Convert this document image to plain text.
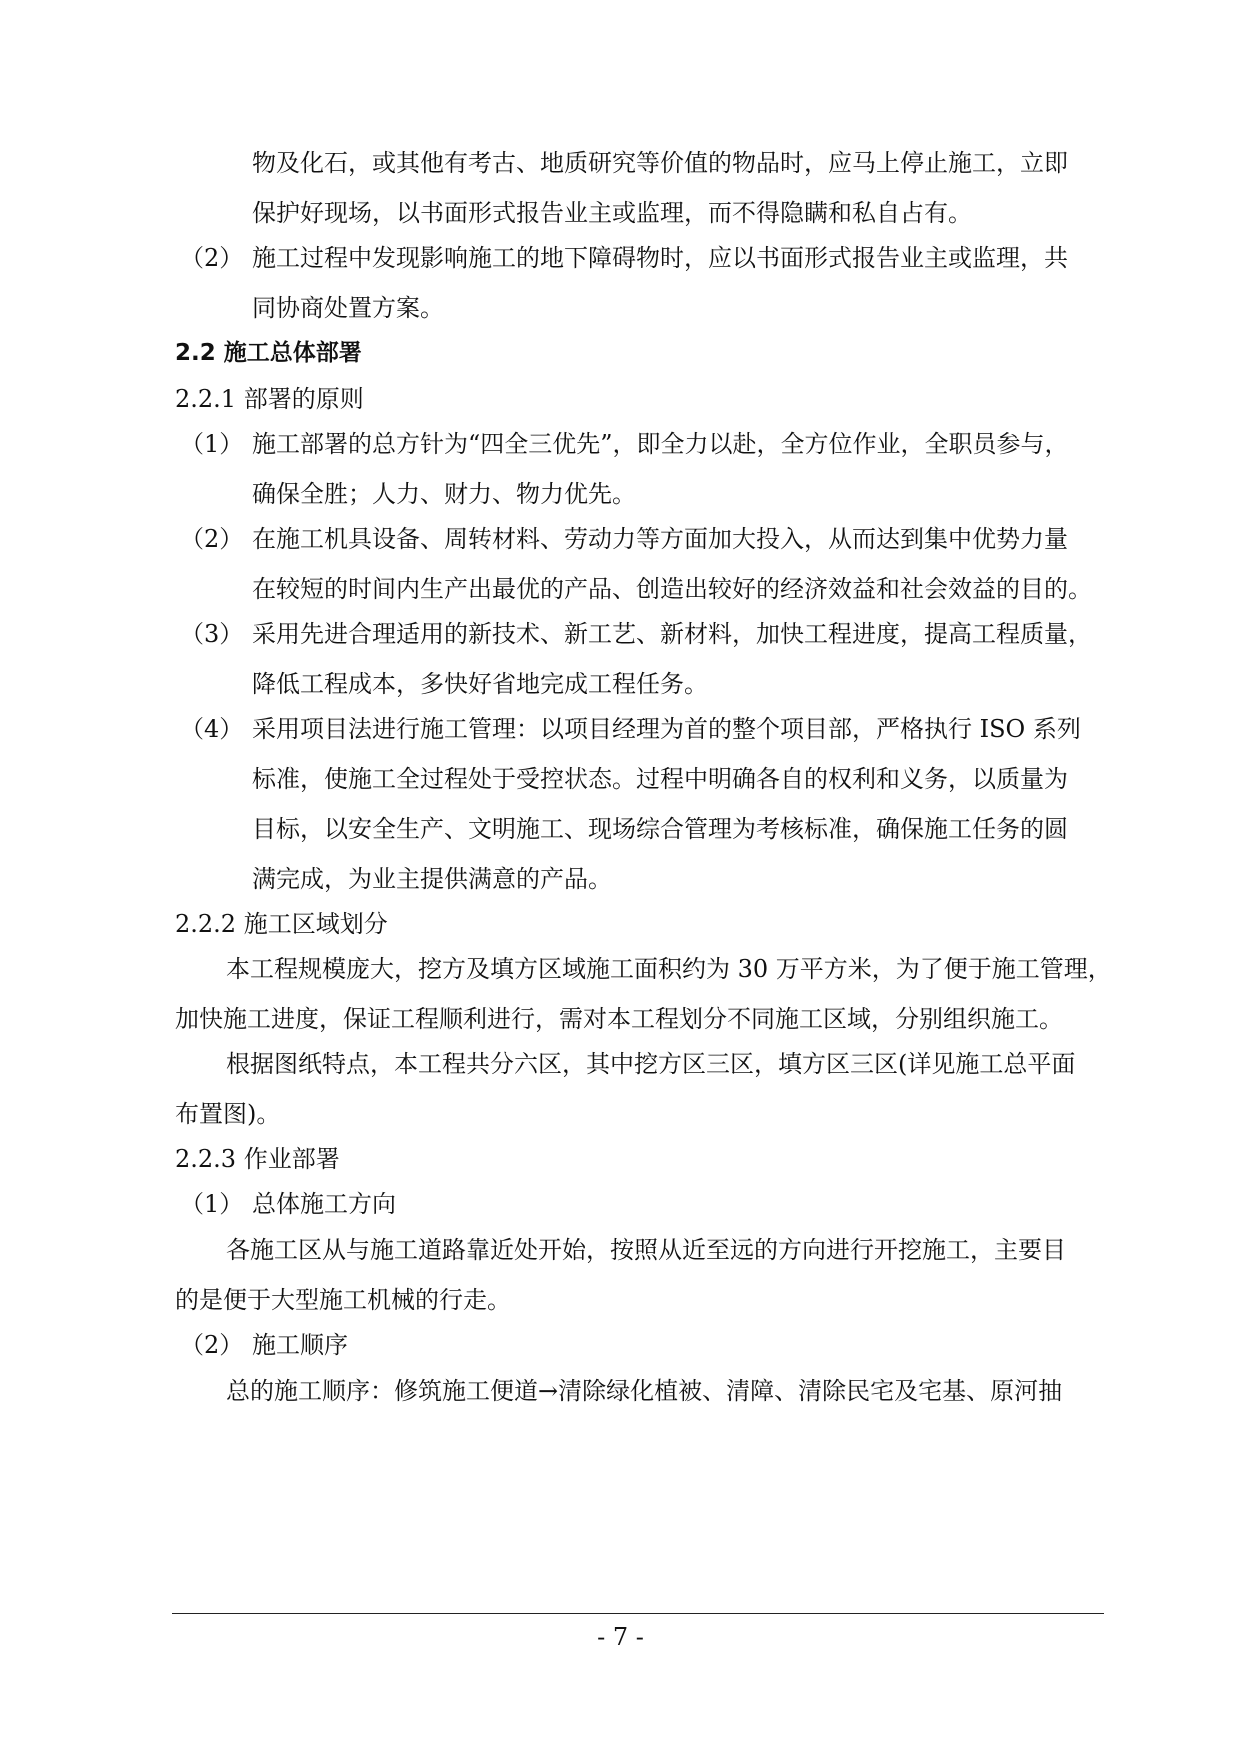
物及化石，或其他有考古、地质研究等价值的物品时，应马上停止施工，立即
保护好现场，以书面形式报告业主或监理，而不得隐瞒和私自占有。
（2） 施工过程中发现影响施工的地下障碍物时，应以书面形式报告业主或监理，共
同协商处置方案。
2.2 施工总体部署
2.2.1 部署的原则
（1） 施工部署的总方针为“四全三优先”，即全力以赴，全方位作业，全职员参与，
确保全胜；人力、财力、物力优先。
（2） 在施工机具设备、周转材料、劳动力等方面加大投入，从而达到集中优势力量
在较短的时间内生产出最优的产品、创造出较好的经济效益和社会效益的目的。
（3） 采用先进合理适用的新技术、新工艺、新材料，加快工程进度，提高工程质量，
降低工程成本，多快好省地完成工程任务。
（4） 采用项目法进行施工管理：以项目经理为首的整个项目部，严格执行 ISO 系列
标准，使施工全过程处于受控状态。过程中明确各自的权利和义务，以质量为
目标，以安全生产、文明施工、现场综合管理为考核标准，确保施工任务的圆
满完成，为业主提供满意的产品。
2.2.2 施工区域划分
本工程规模庞大，挖方及填方区域施工面积约为 30 万平方米，为了便于施工管理，
加快施工进度，保证工程顺利进行，需对本工程划分不同施工区域，分别组织施工。
根据图纸特点，本工程共分六区，其中挖方区三区，填方区三区(详见施工总平面
布置图)。
2.2.3 作业部署
（1） 总体施工方向
各施工区从与施工道路靠近处开始，按照从近至远的方向进行开挖施工，主要目
的是便于大型施工机械的行走。
（2） 施工顺序
总的施工顺序：修筑施工便道→清除绿化植被、清障、清除民宅及宅基、原河抽
- 7 -
